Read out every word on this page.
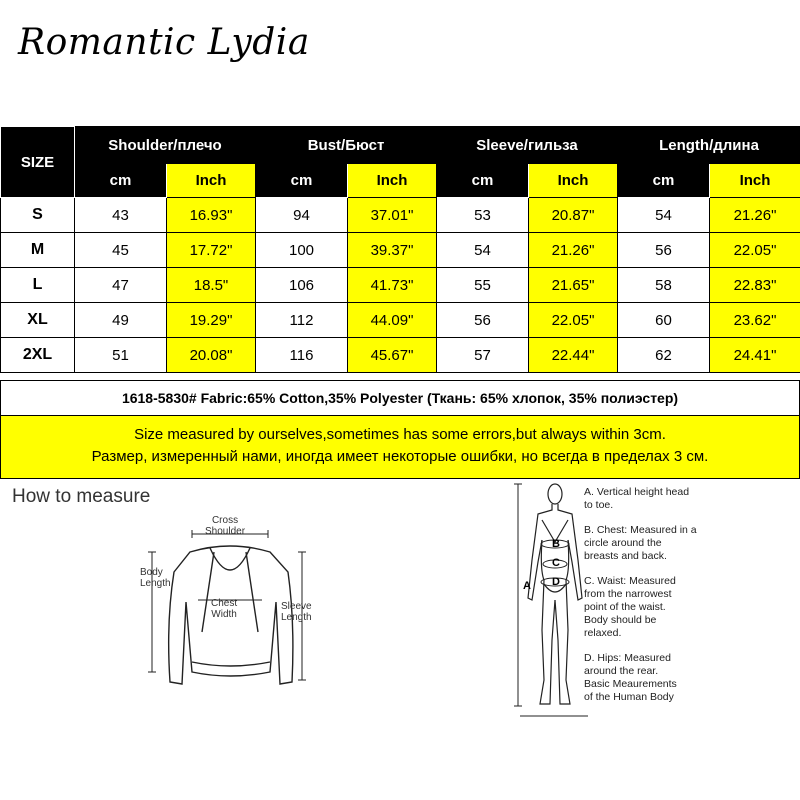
Romantic Lydia
SIZE	Shoulder/плечо		Bust/Бюст		Sleeve/гильза		Length/длина	
	cm	Inch	cm	Inch	cm	Inch	cm	Inch
S	43	16.93"	94	37.01"	53	20.87"	54	21.26"
M	45	17.72"	100	39.37"	54	21.26"	56	22.05"
L	47	18.5"	106	41.73"	55	21.65"	58	22.83"
XL	49	19.29"	112	44.09"	56	22.05"	60	23.62"
2XL	51	20.08"	116	45.67"	57	22.44"	62	24.41"
1618-5830# Fabric:65% Cotton,35% Polyester (Ткань: 65% хлопок, 35% полиэстер)
Size measured by ourselves,sometimes has some errors,but always within 3cm.
Размер, измеренный нами, иногда имеет некоторые ошибки, но всегда в пределах 3 см.
How to measure
Cross
Shoulder
Body
Length
Chest
Width
Sleeve
Length
A
B
C
D

A. Vertical height head
to toe.

B. Chest: Measured in a
circle around the
breasts and back.

C. Waist: Measured
from the narrowest
point of the waist.
Body should be
relaxed.

D. Hips: Measured
around the rear.
Basic Meaurements
of the Human Body
